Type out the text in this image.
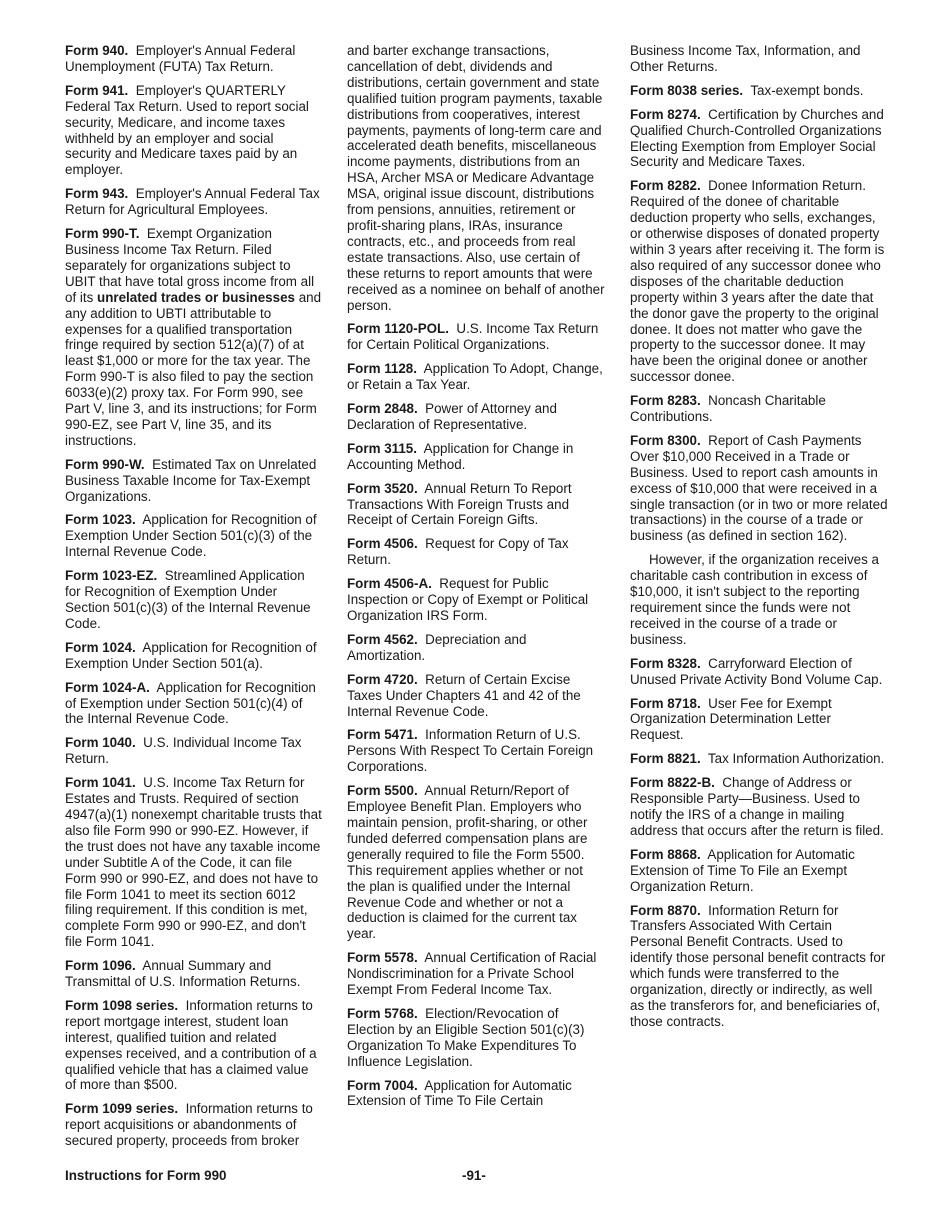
Form 940. Employer's Annual Federal Unemployment (FUTA) Tax Return.
Form 941. Employer's QUARTERLY Federal Tax Return. Used to report social security, Medicare, and income taxes withheld by an employer and social security and Medicare taxes paid by an employer.
Form 943. Employer's Annual Federal Tax Return for Agricultural Employees.
Form 990-T. Exempt Organization Business Income Tax Return. Filed separately for organizations subject to UBIT that have total gross income from all of its unrelated trades or businesses and any addition to UBTI attributable to expenses for a qualified transportation fringe required by section 512(a)(7) of at least $1,000 or more for the tax year. The Form 990-T is also filed to pay the section 6033(e)(2) proxy tax. For Form 990, see Part V, line 3, and its instructions; for Form 990-EZ, see Part V, line 35, and its instructions.
Form 990-W. Estimated Tax on Unrelated Business Taxable Income for Tax-Exempt Organizations.
Form 1023. Application for Recognition of Exemption Under Section 501(c)(3) of the Internal Revenue Code.
Form 1023-EZ. Streamlined Application for Recognition of Exemption Under Section 501(c)(3) of the Internal Revenue Code.
Form 1024. Application for Recognition of Exemption Under Section 501(a).
Form 1024-A. Application for Recognition of Exemption under Section 501(c)(4) of the Internal Revenue Code.
Form 1040. U.S. Individual Income Tax Return.
Form 1041. U.S. Income Tax Return for Estates and Trusts. Required of section 4947(a)(1) nonexempt charitable trusts that also file Form 990 or 990-EZ. However, if the trust does not have any taxable income under Subtitle A of the Code, it can file Form 990 or 990-EZ, and does not have to file Form 1041 to meet its section 6012 filing requirement. If this condition is met, complete Form 990 or 990-EZ, and don't file Form 1041.
Form 1096. Annual Summary and Transmittal of U.S. Information Returns.
Form 1098 series. Information returns to report mortgage interest, student loan interest, qualified tuition and related expenses received, and a contribution of a qualified vehicle that has a claimed value of more than $500.
Form 1099 series. Information returns to report acquisitions or abandonments of secured property, proceeds from broker
and barter exchange transactions, cancellation of debt, dividends and distributions, certain government and state qualified tuition program payments, taxable distributions from cooperatives, interest payments, payments of long-term care and accelerated death benefits, miscellaneous income payments, distributions from an HSA, Archer MSA or Medicare Advantage MSA, original issue discount, distributions from pensions, annuities, retirement or profit-sharing plans, IRAs, insurance contracts, etc., and proceeds from real estate transactions. Also, use certain of these returns to report amounts that were received as a nominee on behalf of another person.
Form 1120-POL. U.S. Income Tax Return for Certain Political Organizations.
Form 1128. Application To Adopt, Change, or Retain a Tax Year.
Form 2848. Power of Attorney and Declaration of Representative.
Form 3115. Application for Change in Accounting Method.
Form 3520. Annual Return To Report Transactions With Foreign Trusts and Receipt of Certain Foreign Gifts.
Form 4506. Request for Copy of Tax Return.
Form 4506-A. Request for Public Inspection or Copy of Exempt or Political Organization IRS Form.
Form 4562. Depreciation and Amortization.
Form 4720. Return of Certain Excise Taxes Under Chapters 41 and 42 of the Internal Revenue Code.
Form 5471. Information Return of U.S. Persons With Respect To Certain Foreign Corporations.
Form 5500. Annual Return/Report of Employee Benefit Plan. Employers who maintain pension, profit-sharing, or other funded deferred compensation plans are generally required to file the Form 5500. This requirement applies whether or not the plan is qualified under the Internal Revenue Code and whether or not a deduction is claimed for the current tax year.
Form 5578. Annual Certification of Racial Nondiscrimination for a Private School Exempt From Federal Income Tax.
Form 5768. Election/Revocation of Election by an Eligible Section 501(c)(3) Organization To Make Expenditures To Influence Legislation.
Form 7004. Application for Automatic Extension of Time To File Certain
Business Income Tax, Information, and Other Returns.
Form 8038 series. Tax-exempt bonds.
Form 8274. Certification by Churches and Qualified Church-Controlled Organizations Electing Exemption from Employer Social Security and Medicare Taxes.
Form 8282. Donee Information Return. Required of the donee of charitable deduction property who sells, exchanges, or otherwise disposes of donated property within 3 years after receiving it. The form is also required of any successor donee who disposes of the charitable deduction property within 3 years after the date that the donor gave the property to the original donee. It does not matter who gave the property to the successor donee. It may have been the original donee or another successor donee.
Form 8283. Noncash Charitable Contributions.
Form 8300. Report of Cash Payments Over $10,000 Received in a Trade or Business. Used to report cash amounts in excess of $10,000 that were received in a single transaction (or in two or more related transactions) in the course of a trade or business (as defined in section 162).
However, if the organization receives a charitable cash contribution in excess of $10,000, it isn't subject to the reporting requirement since the funds were not received in the course of a trade or business.
Form 8328. Carryforward Election of Unused Private Activity Bond Volume Cap.
Form 8718. User Fee for Exempt Organization Determination Letter Request.
Form 8821. Tax Information Authorization.
Form 8822-B. Change of Address or Responsible Party—Business. Used to notify the IRS of a change in mailing address that occurs after the return is filed.
Form 8868. Application for Automatic Extension of Time To File an Exempt Organization Return.
Form 8870. Information Return for Transfers Associated With Certain Personal Benefit Contracts. Used to identify those personal benefit contracts for which funds were transferred to the organization, directly or indirectly, as well as the transferors for, and beneficiaries of, those contracts.
Instructions for Form 990	-91-
